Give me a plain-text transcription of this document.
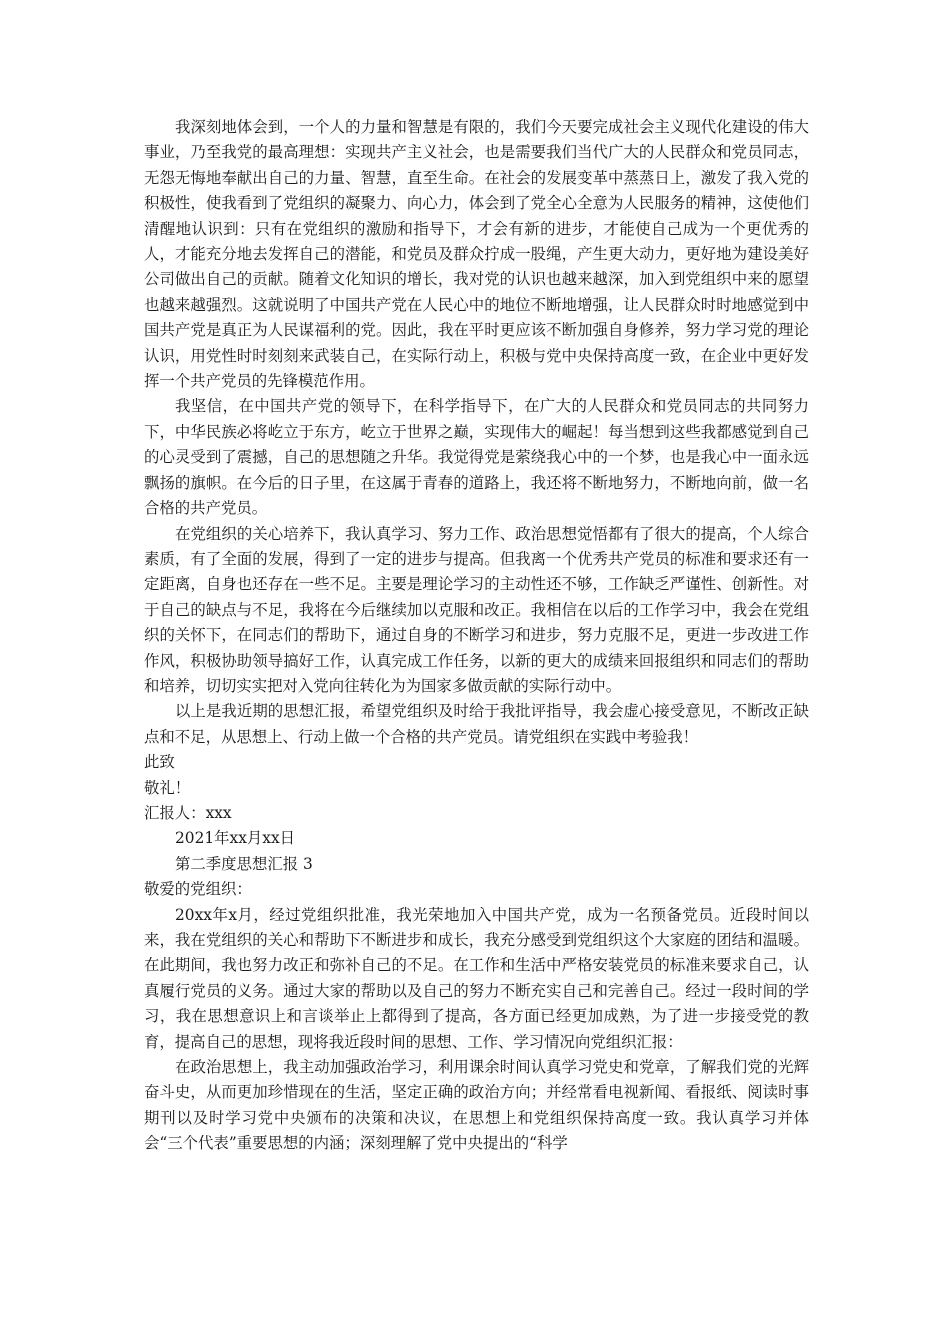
我深刻地体会到，一个人的力量和智慧是有限的，我们今天要完成社会主义现代化建设的伟大事业，乃至我党的最高理想：实现共产主义社会，也是需要我们当代广大的人民群众和党员同志，无怨无悔地奉献出自己的力量、智慧，直至生命。在社会的发展变革中蒸蒸日上，激发了我入党的积极性，使我看到了党组织的凝聚力、向心力，体会到了党全心全意为人民服务的精神，这使他们清醒地认识到：只有在党组织的激励和指导下，才会有新的进步，才能使自己成为一个更优秀的人，才能充分地去发挥自己的潜能，和党员及群众拧成一股绳，产生更大动力，更好地为建设美好公司做出自己的贡献。随着文化知识的增长，我对党的认识也越来越深，加入到党组织中来的愿望也越来越强烈。这就说明了中国共产党在人民心中的地位不断地增强，让人民群众时时地感觉到中国共产党是真正为人民谋福利的党。因此，我在平时更应该不断加强自身修养，努力学习党的理论认识，用党性时时刻刻来武装自己，在实际行动上，积极与党中央保持高度一致，在企业中更好发挥一个共产党员的先锋模范作用。

我坚信，在中国共产党的领导下，在科学指导下，在广大的人民群众和党员同志的共同努力下，中华民族必将屹立于东方，屹立于世界之巅，实现伟大的崛起！每当想到这些我都感觉到自己的心灵受到了震撼，自己的思想随之升华。我觉得党是萦绕我心中的一个梦，也是我心中一面永远飘扬的旗帜。在今后的日子里，在这属于青春的道路上，我还将不断地努力，不断地向前，做一名合格的共产党员。

在党组织的关心培养下，我认真学习、努力工作、政治思想觉悟都有了很大的提高，个人综合素质，有了全面的发展，得到了一定的进步与提高。但我离一个优秀共产党员的标准和要求还有一定距离，自身也还存在一些不足。主要是理论学习的主动性还不够，工作缺乏严谨性、创新性。对于自己的缺点与不足，我将在今后继续加以克服和改正。我相信在以后的工作学习中，我会在党组织的关怀下，在同志们的帮助下，通过自身的不断学习和进步，努力克服不足，更进一步改进工作作风，积极协助领导搞好工作，认真完成工作任务，以新的更大的成绩来回报组织和同志们的帮助和培养，切切实实把对入党向往转化为为国家多做贡献的实际行动中。

以上是我近期的思想汇报，希望党组织及时给于我批评指导，我会虚心接受意见，不断改正缺点和不足，从思想上、行动上做一个合格的共产党员。请党组织在实践中考验我！

此致

敬礼！

汇报人：xxx

2021年xx月xx日

第二季度思想汇报 3

敬爱的党组织：

20xx年x月，经过党组织批准，我光荣地加入中国共产党，成为一名预备党员。近段时间以来，我在党组织的关心和帮助下不断进步和成长，我充分感受到党组织这个大家庭的团结和温暖。在此期间，我也努力改正和弥补自己的不足。在工作和生活中严格安装党员的标准来要求自己，认真履行党员的义务。通过大家的帮助以及自己的努力不断充实自己和完善自己。经过一段时间的学习，我在思想意识上和言谈举止上都得到了提高，各方面已经更加成熟，为了进一步接受党的教育，提高自己的思想，现将我近段时间的思想、工作、学习情况向党组织汇报：

在政治思想上，我主动加强政治学习，利用课余时间认真学习党史和党章，了解我们党的光辉奋斗史，从而更加珍惜现在的生活，坚定正确的政治方向；并经常看电视新闻、看报纸、阅读时事期刊以及时学习党中央颁布的决策和决议，在思想上和党组织保持高度一致。我认真学习并体会“三个代表”重要思想的内涵；深刻理解了党中央提出的“科学
